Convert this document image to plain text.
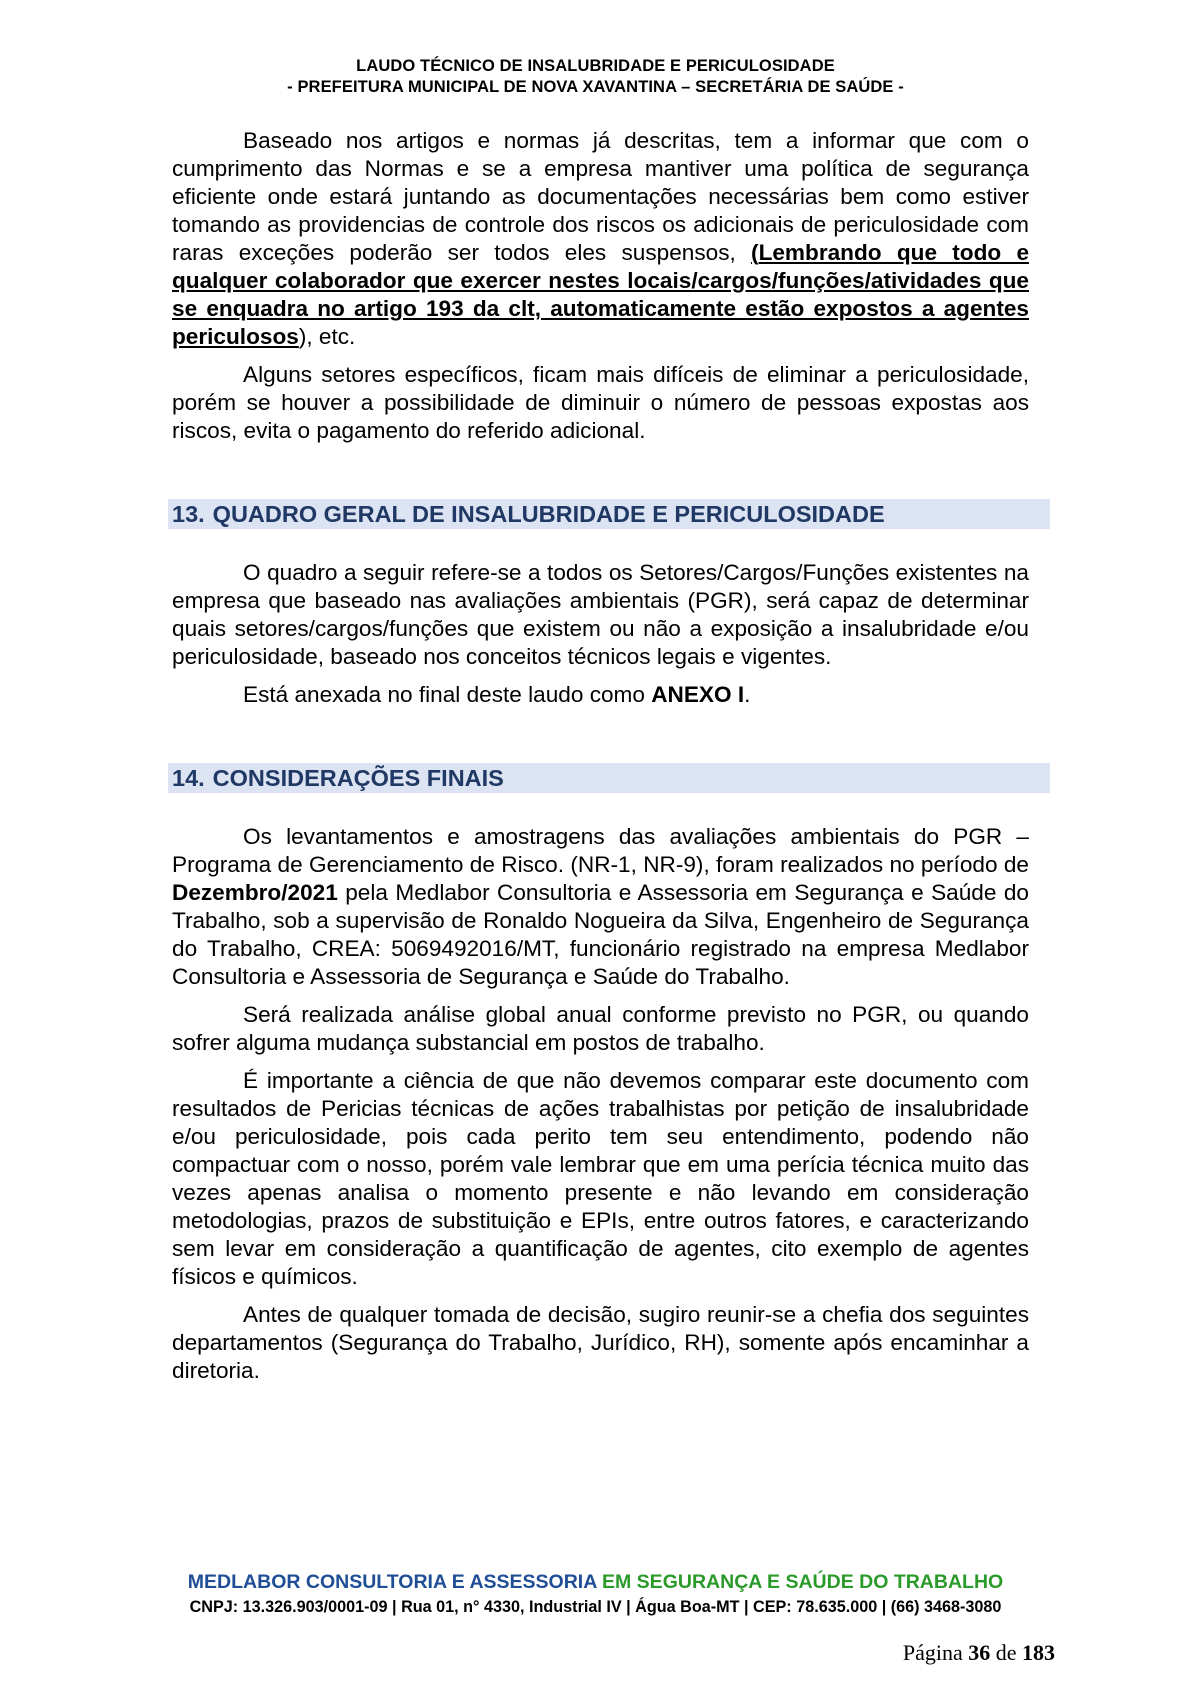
LAUDO TÉCNICO DE INSALUBRIDADE E PERICULOSIDADE
- PREFEITURA MUNICIPAL DE NOVA XAVANTINA – SECRETÁRIA DE SAÚDE -

Baseado nos artigos e normas já descritas, tem a informar que com o cumprimento das Normas e se a empresa mantiver uma política de segurança eficiente onde estará juntando as documentações necessárias bem como estiver tomando as providencias de controle dos riscos os adicionais de periculosidade com raras exceções poderão ser todos eles suspensos, (Lembrando que todo e qualquer colaborador que exercer nestes locais/cargos/funções/atividades que se enquadra no artigo 193 da clt, automaticamente estão expostos a agentes periculosos), etc.

Alguns setores específicos, ficam mais difíceis de eliminar a periculosidade, porém se houver a possibilidade de diminuir o número de pessoas expostas aos riscos, evita o pagamento do referido adicional.

13. QUADRO GERAL DE INSALUBRIDADE E PERICULOSIDADE

O quadro a seguir refere-se a todos os Setores/Cargos/Funções existentes na empresa que baseado nas avaliações ambientais (PGR), será capaz de determinar quais setores/cargos/funções que existem ou não a exposição a insalubridade e/ou periculosidade, baseado nos conceitos técnicos legais e vigentes.

Está anexada no final deste laudo como ANEXO I.

14. CONSIDERAÇÕES FINAIS

Os levantamentos e amostragens das avaliações ambientais do PGR – Programa de Gerenciamento de Risco. (NR-1, NR-9), foram realizados no período de Dezembro/2021 pela Medlabor Consultoria e Assessoria em Segurança e Saúde do Trabalho, sob a supervisão de Ronaldo Nogueira da Silva, Engenheiro de Segurança do Trabalho, CREA: 5069492016/MT, funcionário registrado na empresa Medlabor Consultoria e Assessoria de Segurança e Saúde do Trabalho.

Será realizada análise global anual conforme previsto no PGR, ou quando sofrer alguma mudança substancial em postos de trabalho.

É importante a ciência de que não devemos comparar este documento com resultados de Pericias técnicas de ações trabalhistas por petição de insalubridade e/ou periculosidade, pois cada perito tem seu entendimento, podendo não compactuar com o nosso, porém vale lembrar que em uma perícia técnica muito das vezes apenas analisa o momento presente e não levando em consideração metodologias, prazos de substituição e EPIs, entre outros fatores, e caracterizando sem levar em consideração a quantificação de agentes, cito exemplo de agentes físicos e químicos.

Antes de qualquer tomada de decisão, sugiro reunir-se a chefia dos seguintes departamentos (Segurança do Trabalho, Jurídico, RH), somente após encaminhar a diretoria.

MEDLABOR CONSULTORIA E ASSESSORIA EM SEGURANÇA E SAÚDE DO TRABALHO
CNPJ: 13.326.903/0001-09 | Rua 01, n° 4330, Industrial IV | Água Boa-MT | CEP: 78.635.000 | (66) 3468-3080
Página 36 de 183
